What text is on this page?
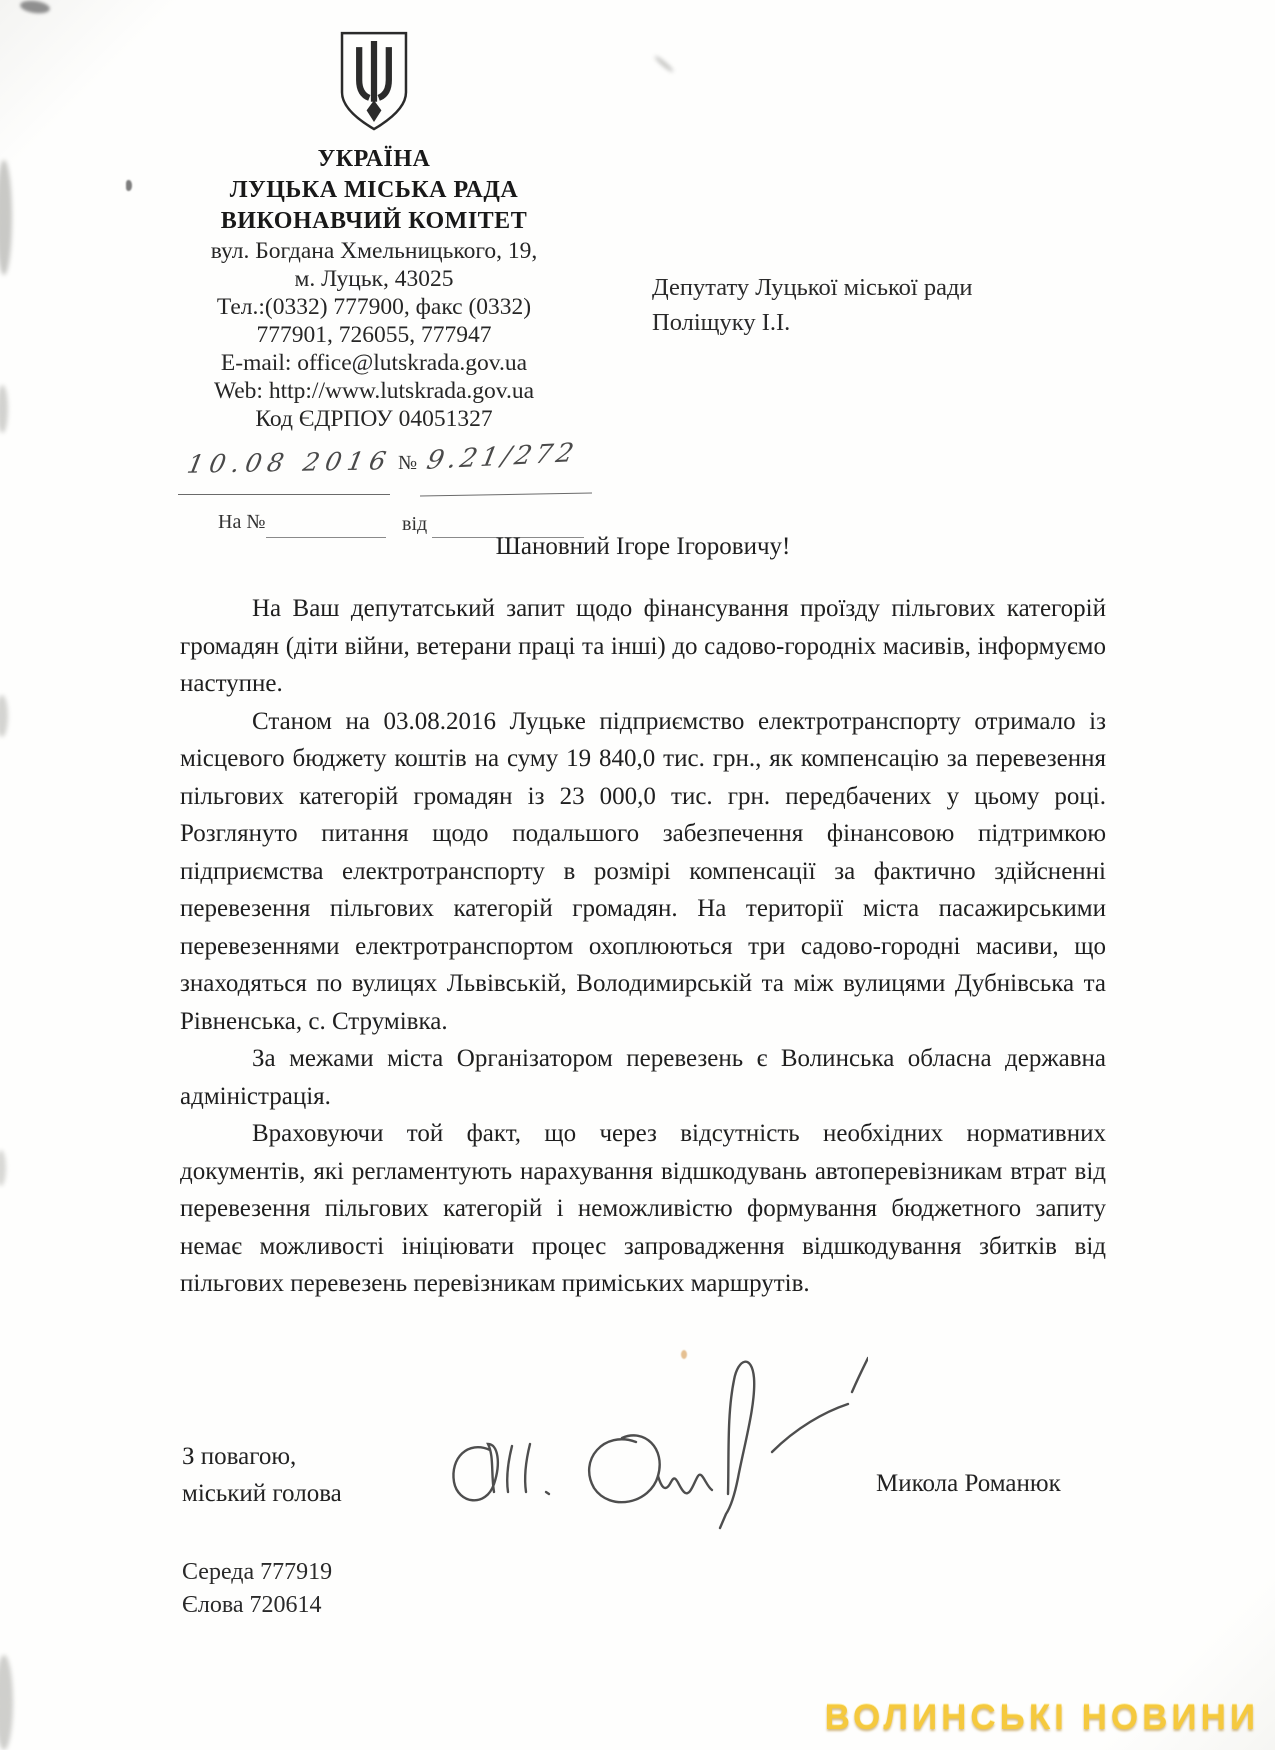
УКРАЇНА
ЛУЦЬКА МІСЬКА РАДА
ВИКОНАВЧИЙ КОМІТЕТ
вул. Богдана Хмельницького, 19,
м. Луцьк, 43025
Тел.:(0332) 777900, факс (0332)
777901, 726055, 777947
E-mail: office@lutskrada.gov.ua
Web: http://www.lutskrada.gov.ua
Код ЄДРПОУ 04051327
10.08 2016 № 9.21/272
На №	від
Депутату Луцької міської ради
Поліщуку І.І.
Шановний Ігоре Ігоровичу!

На Ваш депутатський запит щодо фінансування проїзду пільгових категорій громадян (діти війни, ветерани праці та інші) до садово-городніх масивів, інформуємо наступне.

Станом на 03.08.2016 Луцьке підприємство електротранспорту отримало із місцевого бюджету коштів на суму 19 840,0 тис. грн., як компенсацію за перевезення пільгових категорій громадян із 23 000,0 тис. грн. передбачених у цьому році. Розглянуто питання щодо подальшого забезпечення фінансовою підтримкою підприємства електротранспорту в розмірі компенсації за фактично здійсненні перевезення пільгових категорій громадян. На території міста пасажирськими перевезеннями електротранспортом охоплюються три садово-городні масиви, що знаходяться по вулицях Львівській, Володимирській та між вулицями Дубнівська та Рівненська, с. Струмівка.

За межами міста Організатором перевезень є Волинська обласна державна адміністрація.

Враховуючи той факт, що через відсутність необхідних нормативних документів, які регламентують нарахування відшкодувань автоперевізникам втрат від перевезення пільгових категорій і неможливістю формування бюджетного запиту немає можливості ініціювати процес запровадження відшкодування збитків від пільгових перевезень перевізникам приміських маршрутів.

З повагою,
міський голова	Микола Романюк
Середа 777919
Єлова 720614
ВОЛИНСЬКІ НОВИНИ
